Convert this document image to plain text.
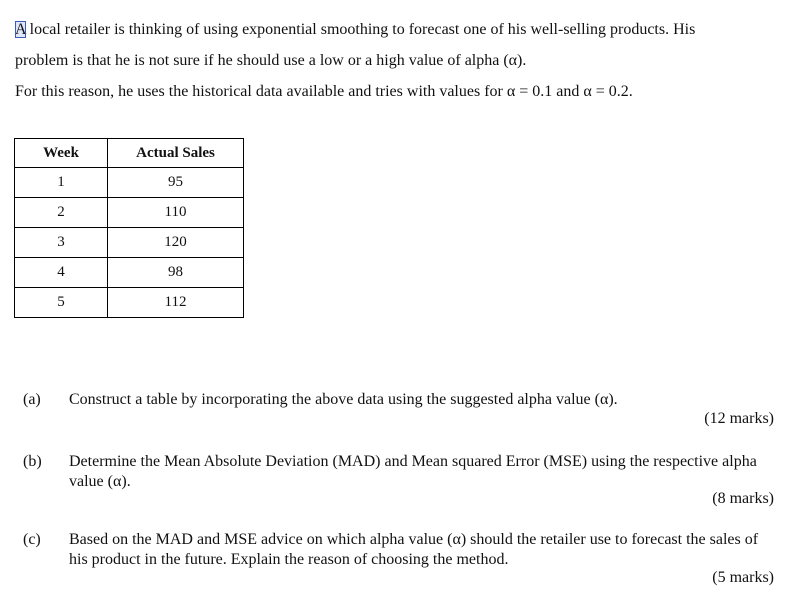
A local retailer is thinking of using exponential smoothing to forecast one of his well-selling products. His

problem is that he is not sure if he should use a low or a high value of alpha (α).

For this reason, he uses the historical data available and tries with values for α = 0.1 and α = 0.2.

Week	Actual Sales
1	95
2	110
3	120
4	98
5	112
(a)	Construct a table by incorporating the above data using the suggested alpha value (α).
(12 marks)
(b)	Determine the Mean Absolute Deviation (MAD) and Mean squared Error (MSE) using the respective alpha value (α).
(8 marks)
(c)	Based on the MAD and MSE advice on which alpha value (α) should the retailer use to forecast the sales of his product in the future. Explain the reason of choosing the method.
(5 marks)
